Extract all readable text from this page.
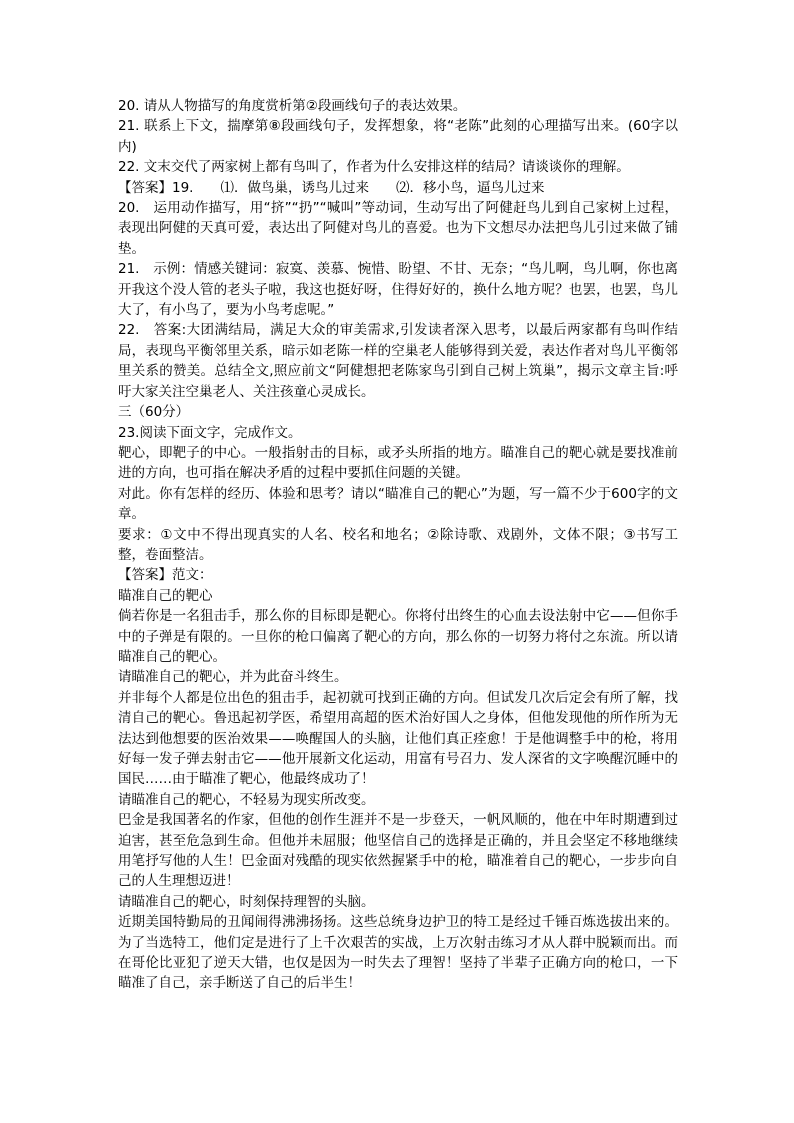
20. 请从人物描写的角度赏析第②段画线句子的表达效果。

21. 联系上下文，揣摩第⑧段画线句子，发挥想象，将“老陈”此刻的心理描写出来。(60字以内)

22. 文末交代了两家树上都有鸟叫了，作者为什么安排这样的结局？请谈谈你的理解。

【答案】19.　　⑴．做鸟巢，诱鸟儿过来　　⑵．移小鸟，逼鸟儿过来

20.　运用动作描写，用“挤”“扔”“喊叫”等动词，生动写出了阿健赶鸟儿到自己家树上过程，表现出阿健的天真可爱，表达出了阿健对鸟儿的喜爱。也为下文想尽办法把鸟儿引过来做了铺垫。

21.　示例：情感关键词：寂寞、羡慕、惋惜、盼望、不甘、无奈；“鸟儿啊，鸟儿啊，你也离开我这个没人管的老头子啦，我这也挺好呀，住得好好的，换什么地方呢？也罢，也罢，鸟儿大了，有小鸟了，要为小鸟考虑呢。”

22.　答案:大团满结局，满足大众的审美需求,引发读者深入思考，以最后两家都有鸟叫作结局，表现鸟平衡邻里关系，暗示如老陈一样的空巢老人能够得到关爱，表达作者对鸟儿平衡邻里关系的赞美。总结全文,照应前文“阿健想把老陈家鸟引到自己树上筑巢”，揭示文章主旨:呼吁大家关注空巢老人、关注孩童心灵成长。

三（60分）

23.阅读下面文字，完成作文。

靶心，即靶子的中心。一般指射击的目标，或矛头所指的地方。瞄准自己的靶心就是要找准前进的方向，也可指在解决矛盾的过程中要抓住问题的关键。

对此。你有怎样的经历、体验和思考？请以“瞄准自己的靶心”为题，写一篇不少于600字的文章。

要求：①文中不得出现真实的人名、校名和地名；②除诗歌、戏剧外，文体不限；③书写工整，卷面整洁。

【答案】范文：

瞄准自己的靶心

倘若你是一名狙击手，那么你的目标即是靶心。你将付出终生的心血去设法射中它——但你手中的子弹是有限的。一旦你的枪口偏离了靶心的方向，那么你的一切努力将付之东流。所以请瞄准自己的靶心。

请瞄准自己的靶心，并为此奋斗终生。

并非每个人都是位出色的狙击手，起初就可找到正确的方向。但试发几次后定会有所了解，找清自己的靶心。鲁迅起初学医，希望用高超的医术治好国人之身体，但他发现他的所作所为无法达到他想要的医治效果——唤醒国人的头脑，让他们真正痊愈！于是他调整手中的枪，将用好每一发子弹去射击它——他开展新文化运动，用富有号召力、发人深省的文字唤醒沉睡中的国民……由于瞄准了靶心，他最终成功了！

请瞄准自己的靶心，不轻易为现实所改变。

巴金是我国著名的作家，但他的创作生涯并不是一步登天，一帆风顺的，他在中年时期遭到过迫害，甚至危急到生命。但他并未屈服；他坚信自己的选择是正确的，并且会坚定不移地继续用笔抒写他的人生！巴金面对残酷的现实依然握紧手中的枪，瞄准着自己的靶心，一步步向自己的人生理想迈进！

请瞄准自己的靶心，时刻保持理智的头脑。

近期美国特勤局的丑闻闹得沸沸扬扬。这些总统身边护卫的特工是经过千锤百炼选拔出来的。为了当选特工，他们定是进行了上千次艰苦的实战，上万次射击练习才从人群中脱颖而出。而在哥伦比亚犯了逆天大错，也仅是因为一时失去了理智！坚持了半辈子正确方向的枪口，一下瞄准了自己，亲手断送了自己的后半生！
